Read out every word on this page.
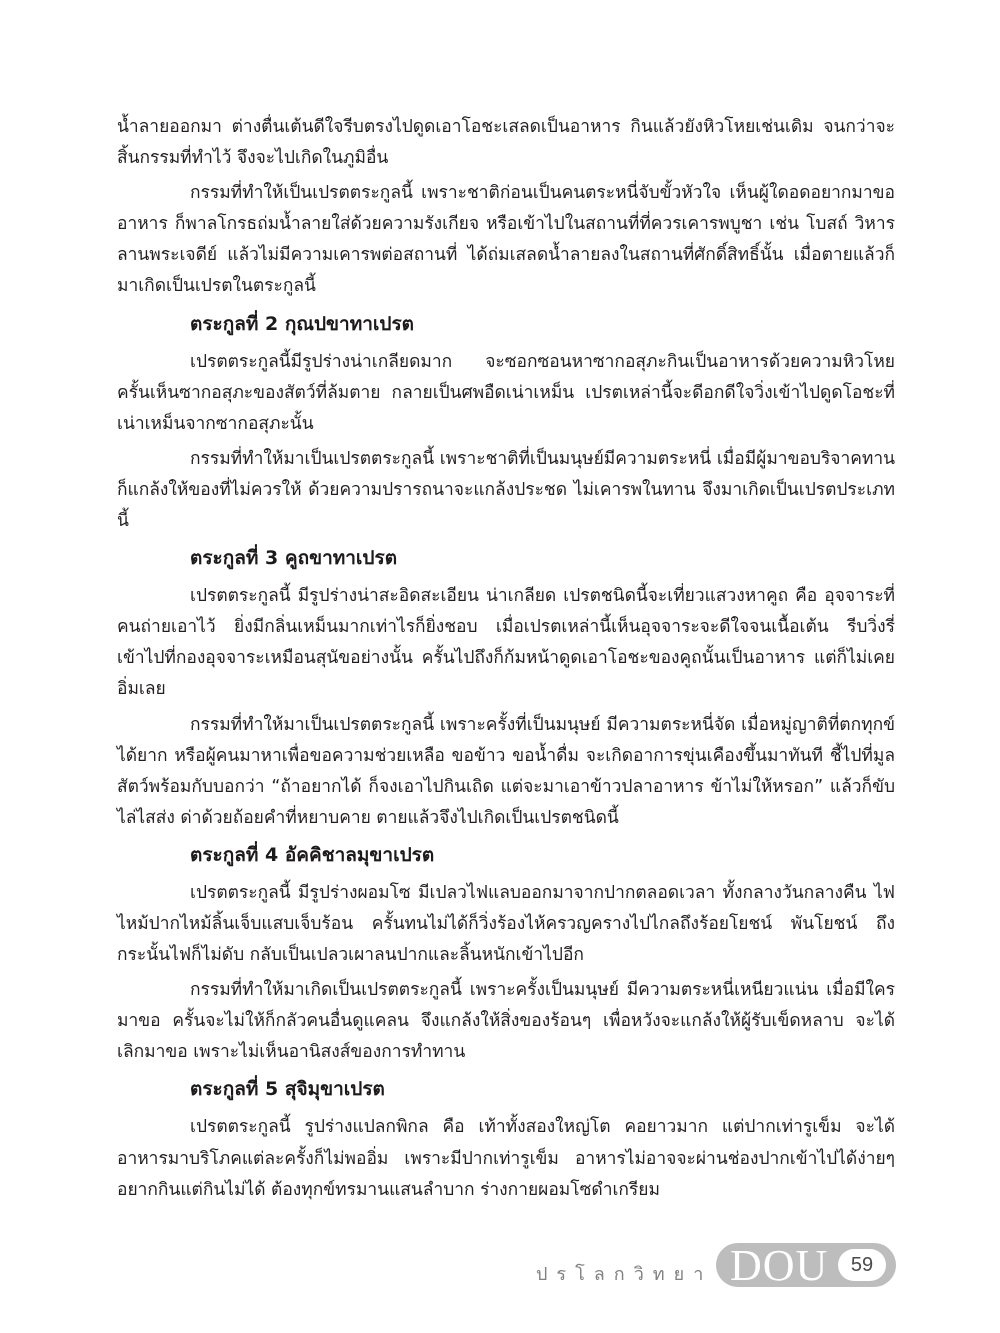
น้ำลายออกมา ต่างตื่นเต้นดีใจรีบตรงไปดูดเอาโอชะเสลดเป็นอาหาร กินแล้วยังหิวโหยเช่นเดิม จนกว่าจะสิ้นกรรมที่ทำไว้ จึงจะไปเกิดในภูมิอื่น

กรรมที่ทำให้เป็นเปรตตระกูลนี้ เพราะชาติก่อนเป็นคนตระหนี่จับขั้วหัวใจ เห็นผู้ใดอดอยากมาขออาหาร ก็พาลโกรธถ่มน้ำลายใส่ด้วยความรังเกียจ หรือเข้าไปในสถานที่ที่ควรเคารพบูชา เช่น โบสถ์ วิหาร ลานพระเจดีย์ แล้วไม่มีความเคารพต่อสถานที่ ได้ถ่มเสลดน้ำลายลงในสถานที่ศักดิ์สิทธิ์นั้น เมื่อตายแล้วก็มาเกิดเป็นเปรตในตระกูลนี้

ตระกูลที่ 2 กุณปขาทาเปรต

เปรตตระกูลนี้มีรูปร่างน่าเกลียดมาก จะซอกซอนหาซากอสุภะกินเป็นอาหารด้วยความหิวโหย ครั้นเห็นซากอสุภะของสัตว์ที่ล้มตาย กลายเป็นศพอืดเน่าเหม็น เปรตเหล่านี้จะดีอกดีใจวิ่งเข้าไปดูดโอชะที่เน่าเหม็นจากซากอสุภะนั้น

กรรมที่ทำให้มาเป็นเปรตตระกูลนี้ เพราะชาติที่เป็นมนุษย์มีความตระหนี่ เมื่อมีผู้มาขอบริจาคทาน ก็แกล้งให้ของที่ไม่ควรให้ ด้วยความปรารถนาจะแกล้งประชด ไม่เคารพในทาน จึงมาเกิดเป็นเปรตประเภทนี้

ตระกูลที่ 3 คูถขาทาเปรต

เปรตตระกูลนี้ มีรูปร่างน่าสะอิดสะเอียน น่าเกลียด เปรตชนิดนี้จะเที่ยวแสวงหาคูถ คือ อุจจาระที่คนถ่ายเอาไว้ ยิ่งมีกลิ่นเหม็นมากเท่าไรก็ยิ่งชอบ เมื่อเปรตเหล่านี้เห็นอุจจาระจะดีใจจนเนื้อเต้น รีบวิ่งรี่เข้าไปที่กองอุจจาระเหมือนสุนัขอย่างนั้น ครั้นไปถึงก็ก้มหน้าดูดเอาโอชะของคูถนั้นเป็นอาหาร แต่ก็ไม่เคยอิ่มเลย

กรรมที่ทำให้มาเป็นเปรตตระกูลนี้ เพราะครั้งที่เป็นมนุษย์ มีความตระหนี่จัด เมื่อหมู่ญาติที่ตกทุกข์ได้ยาก หรือผู้คนมาหาเพื่อขอความช่วยเหลือ ขอข้าว ขอน้ำดื่ม จะเกิดอาการขุ่นเคืองขึ้นมาทันที ชี้ไปที่มูลสัตว์พร้อมกับบอกว่า “ถ้าอยากได้ ก็จงเอาไปกินเถิด แต่จะมาเอาข้าวปลาอาหาร ข้าไม่ให้หรอก” แล้วก็ขับไล่ไสส่ง ด่าด้วยถ้อยคำที่หยาบคาย ตายแล้วจึงไปเกิดเป็นเปรตชนิดนี้

ตระกูลที่ 4 อัคคิชาลมุขาเปรต

เปรตตระกูลนี้ มีรูปร่างผอมโซ มีเปลวไฟแลบออกมาจากปากตลอดเวลา ทั้งกลางวันกลางคืน ไฟไหม้ปากไหม้ลิ้นเจ็บแสบเจ็บร้อน ครั้นทนไม่ได้ก็วิ่งร้องไห้ครวญครางไปไกลถึงร้อยโยชน์ พันโยชน์ ถึงกระนั้นไฟก็ไม่ดับ กลับเป็นเปลวเผาลนปากและลิ้นหนักเข้าไปอีก

กรรมที่ทำให้มาเกิดเป็นเปรตตระกูลนี้ เพราะครั้งเป็นมนุษย์ มีความตระหนี่เหนียวแน่น เมื่อมีใครมาขอ ครั้นจะไม่ให้ก็กลัวคนอื่นดูแคลน จึงแกล้งให้สิ่งของร้อนๆ เพื่อหวังจะแกล้งให้ผู้รับเข็ดหลาบ จะได้เลิกมาขอ เพราะไม่เห็นอานิสงส์ของการทำทาน

ตระกูลที่ 5 สุจิมุขาเปรต

เปรตตระกูลนี้ รูปร่างแปลกพิกล คือ เท้าทั้งสองใหญ่โต คอยาวมาก แต่ปากเท่ารูเข็ม จะได้อาหารมาบริโภคแต่ละครั้งก็ไม่พออิ่ม เพราะมีปากเท่ารูเข็ม อาหารไม่อาจจะผ่านช่องปากเข้าไปได้ง่ายๆ อยากกินแต่กินไม่ได้ ต้องทุกข์ทรมานแสนลำบาก ร่างกายผอมโซดำเกรียม

ปรโลกวิทยา DOU	59
